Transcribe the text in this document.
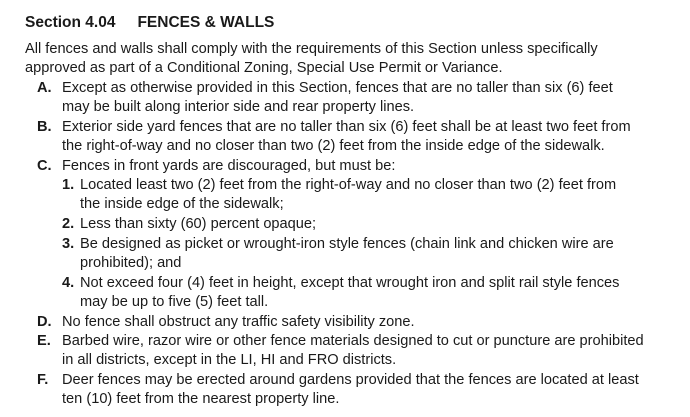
Section 4.04 FENCES & WALLS
All fences and walls shall comply with the requirements of this Section unless specifically
approved as part of a Conditional Zoning, Special Use Permit or Variance.
A. Except as otherwise provided in this Section, fences that are no taller than six (6) feet
may be built along interior side and rear property lines.
B. Exterior side yard fences that are no taller than six (6) feet shall be at least two feet from
the right-of-way and no closer than two (2) feet from the inside edge of the sidewalk.
C. Fences in front yards are discouraged, but must be:
1. Located least two (2) feet from the right-of-way and no closer than two (2) feet from
the inside edge of the sidewalk;
2. Less than sixty (60) percent opaque;
3. Be designed as picket or wrought-iron style fences (chain link and chicken wire are
prohibited); and
4. Not exceed four (4) feet in height, except that wrought iron and split rail style fences
may be up to five (5) feet tall.
D. No fence shall obstruct any traffic safety visibility zone.
E. Barbed wire, razor wire or other fence materials designed to cut or puncture are prohibited
in all districts, except in the LI, HI and FRO districts.
F. Deer fences may be erected around gardens provided that the fences are located at least
ten (10) feet from the nearest property line.
